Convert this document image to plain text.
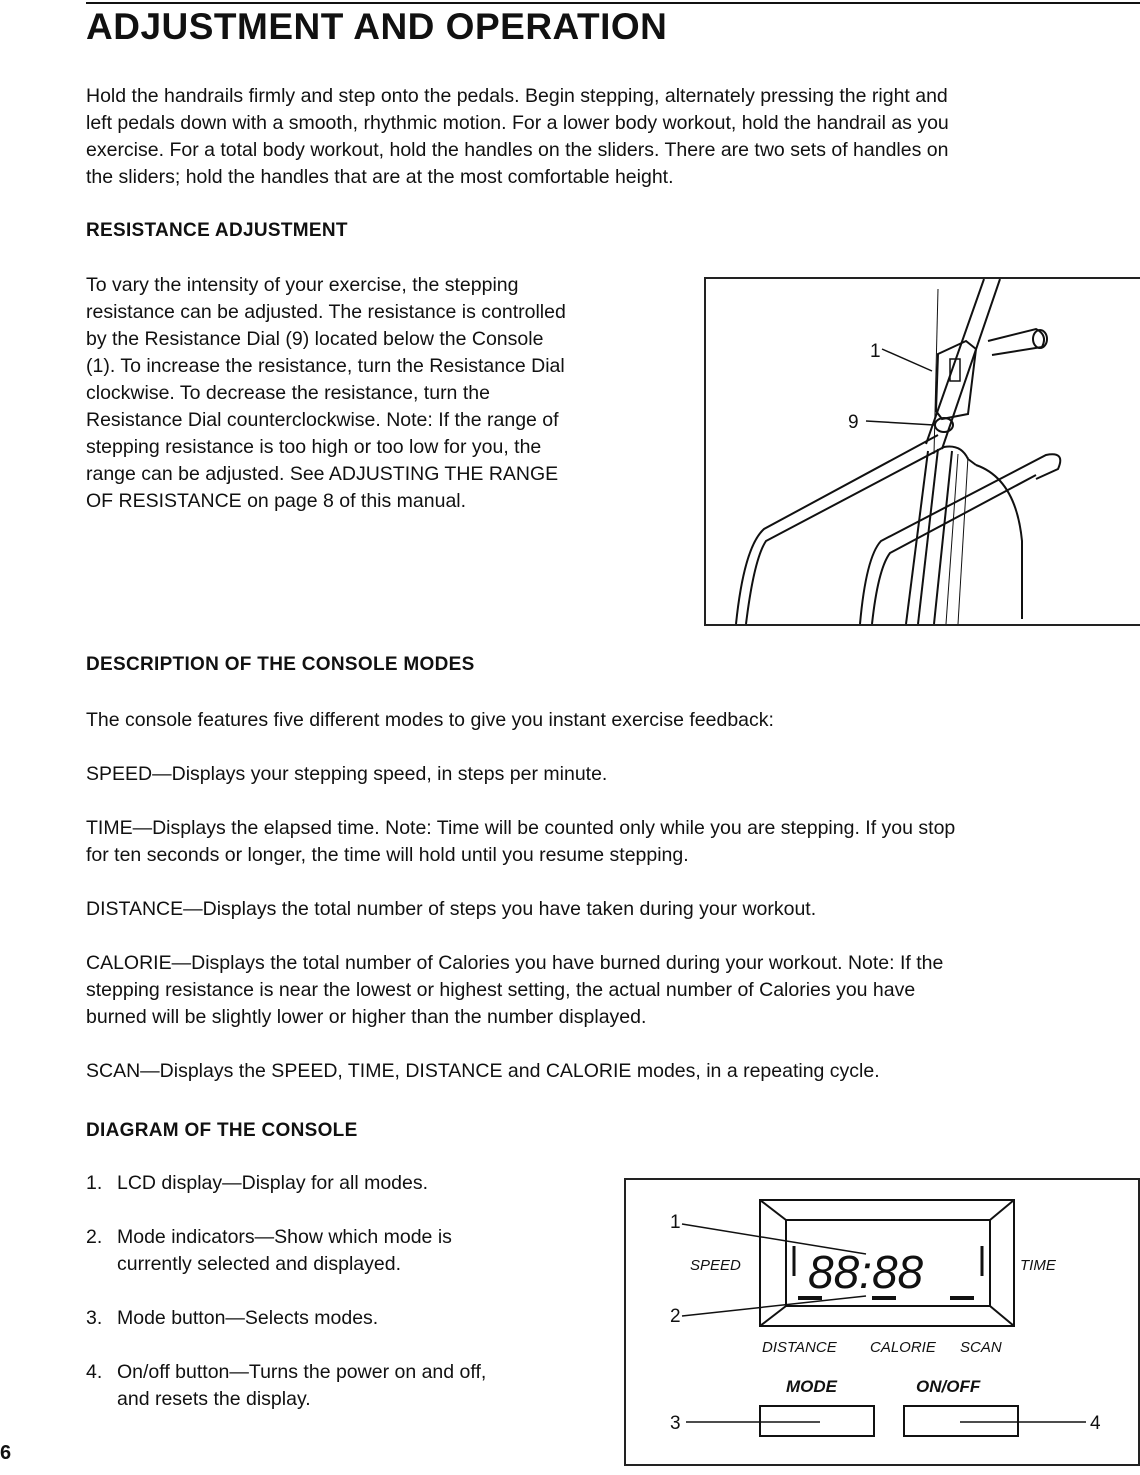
ADJUSTMENT AND OPERATION

Hold the handrails firmly and step onto the pedals. Begin stepping, alternately pressing the right and
left pedals down with a smooth, rhythmic motion. For a lower body workout, hold the handrail as you
exercise. For a total body workout, hold the handles on the sliders. There are two sets of handles on
the sliders; hold the handles that are at the most comfortable height.

RESISTANCE ADJUSTMENT

To vary the intensity of your exercise, the stepping
resistance can be adjusted. The resistance is controlled
by the Resistance Dial (9) located below the Console
(1). To increase the resistance, turn the Resistance Dial
clockwise. To decrease the resistance, turn the
Resistance Dial counterclockwise. Note: If the range of
stepping resistance is too high or too low for you, the
range can be adjusted. See ADJUSTING THE RANGE
OF RESISTANCE on page 8 of this manual.

1
9
DESCRIPTION OF THE CONSOLE MODES

The console features five different modes to give you instant exercise feedback:

SPEED—Displays your stepping speed, in steps per minute.

TIME—Displays the elapsed time. Note: Time will be counted only while you are stepping. If you stop
for ten seconds or longer, the time will hold until you resume stepping.

DISTANCE—Displays the total number of steps you have taken during your workout.

CALORIE—Displays the total number of Calories you have burned during your workout. Note: If the
stepping resistance is near the lowest or highest setting, the actual number of Calories you have
burned will be slightly lower or higher than the number displayed.

SCAN—Displays the SPEED, TIME, DISTANCE and CALORIE modes, in a repeating cycle.

DIAGRAM OF THE CONSOLE
1. LCD display—Display for all modes.
2. Mode indicators—Show which mode is
currently selected and displayed.
3. Mode button—Selects modes.
4. On/off button—Turns the power on and off,
and resets the display.
88:88
SPEED	TIME
DISTANCE CALORIE SCAN
MODE	ON/OFF
1
2
3	4
6
